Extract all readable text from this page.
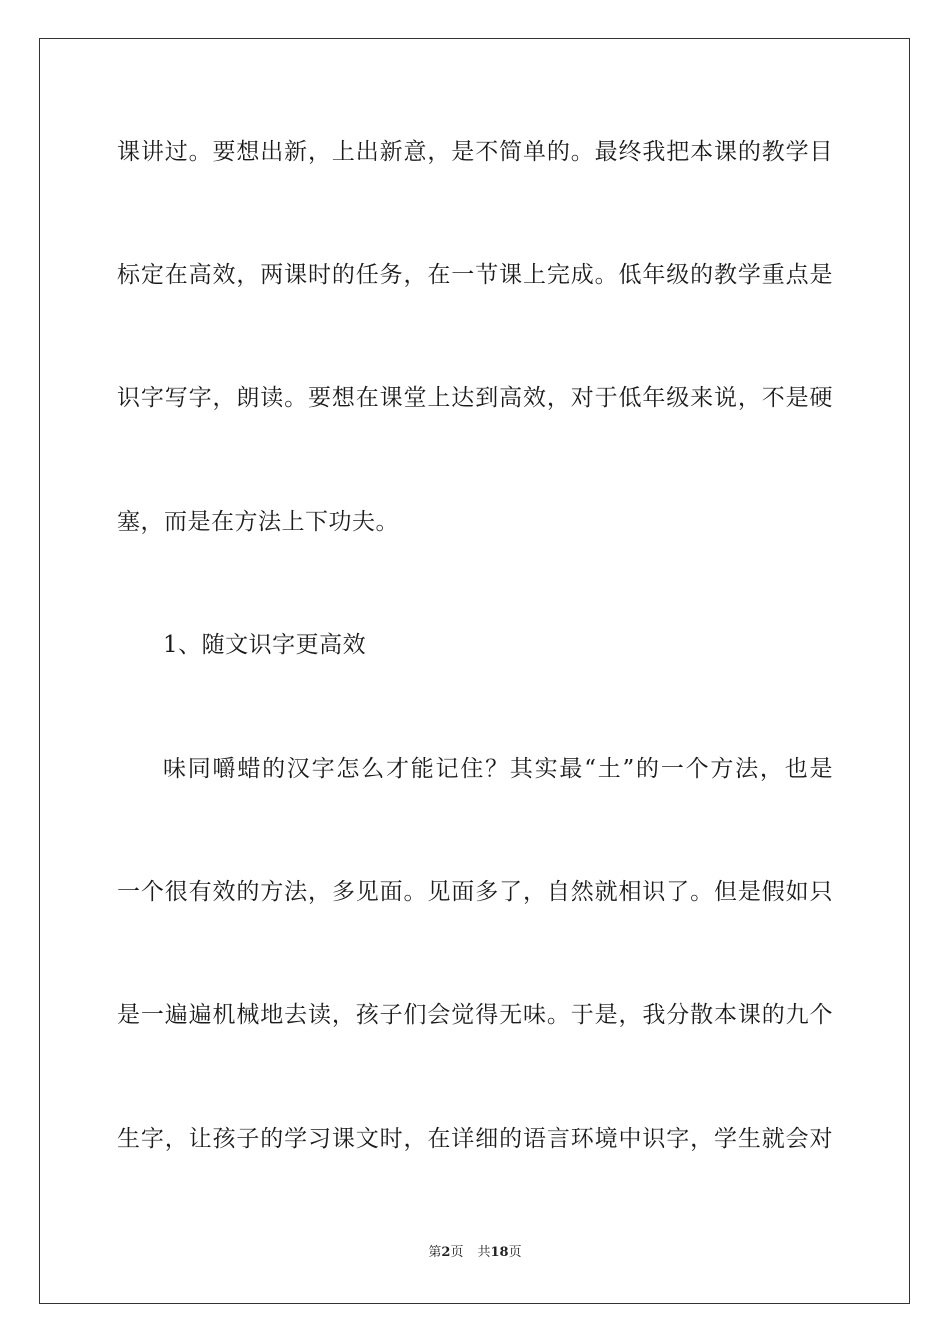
课讲过。要想出新，上出新意，是不简单的。最终我把本课的教学目
标定在高效，两课时的任务，在一节课上完成。低年级的教学重点是
识字写字，朗读。要想在课堂上达到高效，对于低年级来说，不是硬
塞，而是在方法上下功夫。
1、随文识字更高效
味同嚼蜡的汉字怎么才能记住？其实最“土”的一个方法，也是
一个很有效的方法，多见面。见面多了，自然就相识了。但是假如只
是一遍遍机械地去读，孩子们会觉得无味。于是，我分散本课的九个
生字，让孩子的学习课文时，在详细的语言环境中识字，学生就会对
第2页 共18页
